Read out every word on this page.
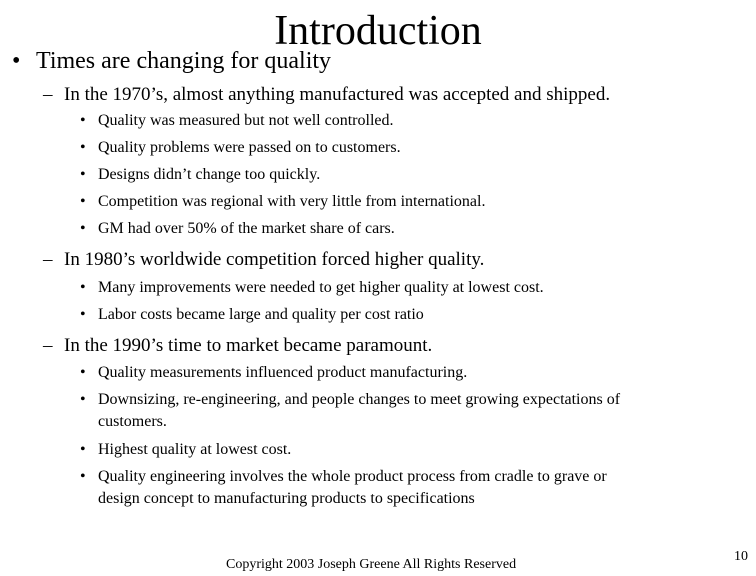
Introduction
• Times are changing for quality
– In the 1970’s, almost anything manufactured was accepted and shipped.
• Quality was measured but not well controlled.
• Quality problems were passed on to customers.
• Designs didn’t change too quickly.
• Competition was regional with very little from international.
• GM had over 50% of the market share of cars.
– In 1980’s worldwide competition forced higher quality.
• Many improvements were needed to get higher quality at lowest cost.
• Labor costs became large and quality per cost ratio
– In the 1990’s time to market became paramount.
• Quality measurements influenced product manufacturing.
• Downsizing, re-engineering, and people changes to meet growing expectations of
customers.
• Highest quality at lowest cost.
• Quality engineering involves the whole product process from cradle to grave or
design concept to manufacturing products to specifications
Copyright 2003 Joseph Greene All Rights Reserved
10
